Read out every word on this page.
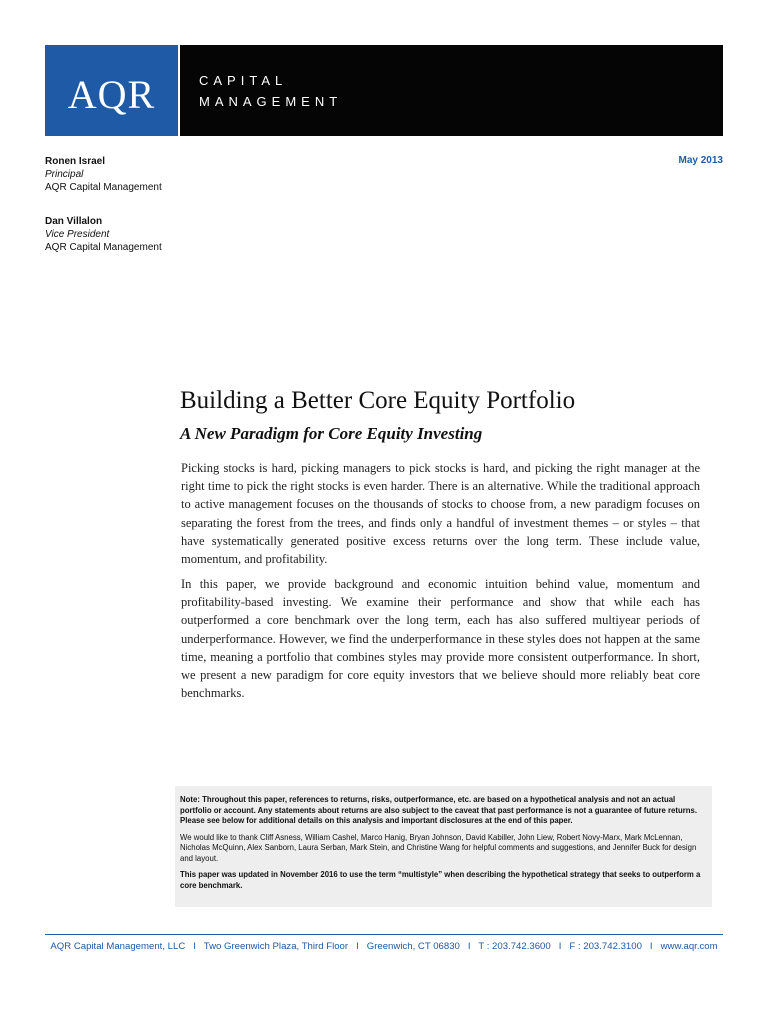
AQR	CAPITAL
MANAGEMENT
Ronen Israel
Principal
AQR Capital Management
Dan Villalon
Vice President
AQR Capital Management
May 2013
Building a Better Core Equity Portfolio
A New Paradigm for Core Equity Investing

Picking stocks is hard, picking managers to pick stocks is hard, and picking the right manager at the right time to pick the right stocks is even harder. There is an alternative. While the traditional approach to active management focuses on the thousands of stocks to choose from, a new paradigm focuses on separating the forest from the trees, and finds only a handful of investment themes – or styles – that have systematically generated positive excess returns over the long term. These include value, momentum, and profitability.

In this paper, we provide background and economic intuition behind value, momentum and profitability-based investing. We examine their performance and show that while each has outperformed a core benchmark over the long term, each has also suffered multiyear periods of underperformance. However, we find the underperformance in these styles does not happen at the same time, meaning a portfolio that combines styles may provide more consistent outperformance. In short, we present a new paradigm for core equity investors that we believe should more reliably beat core benchmarks.

Note: Throughout this paper, references to returns, risks, outperformance, etc. are based on a hypothetical analysis and not an actual portfolio or account. Any statements about returns are also subject to the caveat that past performance is not a guarantee of future returns. Please see below for additional details on this analysis and important disclosures at the end of this paper.

We would like to thank Cliff Asness, William Cashel, Marco Hanig, Bryan Johnson, David Kabiller, John Liew, Robert Novy-Marx, Mark McLennan, Nicholas McQuinn, Alex Sanborn, Laura Serban, Mark Stein, and Christine Wang for helpful comments and suggestions, and Jennifer Buck for design and layout.

This paper was updated in November 2016 to use the term “multistyle” when describing the hypothetical strategy that seeks to outperform a core benchmark.

AQR Capital Management, LLC   I   Two Greenwich Plaza, Third Floor   I   Greenwich, CT 06830   I   T : 203.742.3600   I   F : 203.742.3100   I   www.aqr.com
